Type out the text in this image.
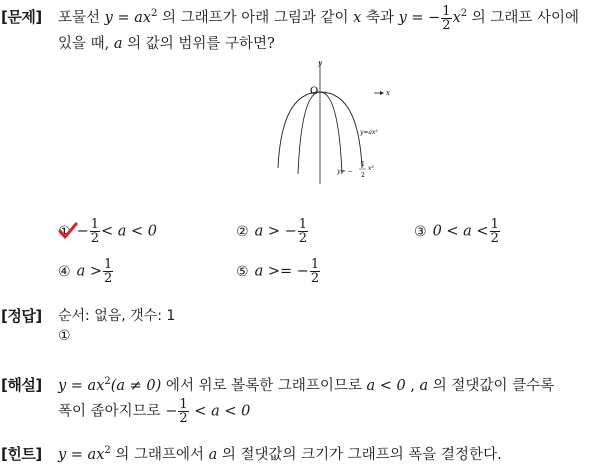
[문제] 포물선 $y = ax^2$ 의 그래프가 아래 그림과 같이 x 축과 y = − $\frac{1}{2} x^2$ 의 그래프 사이에
있을 때, a 의 값의 범위를 구하면?
y
x
O
y=ax²
y= −
1
2
x²
① − $\frac{1}{2} < a < 0$	② a > − $\frac{1}{2}$	③ $0 < a < \frac{1}{2}$
④ $a > \frac{1}{2}$	⑤ a >= − $\frac{1}{2}$
[정답] 순서: 없음, 갯수: 1
①
[해설] $y = ax^2(a \ne 0)$ 에서 위로 볼록한 그래프이므로 a < 0 , a 의 절댓값이 클수록
폭이 좁아지므로 − $\frac{1}{2} < a < 0$
[힌트] $y = ax^2$ 의 그래프에서 a 의 절댓값의 크기가 그래프의 폭을 결정한다.
